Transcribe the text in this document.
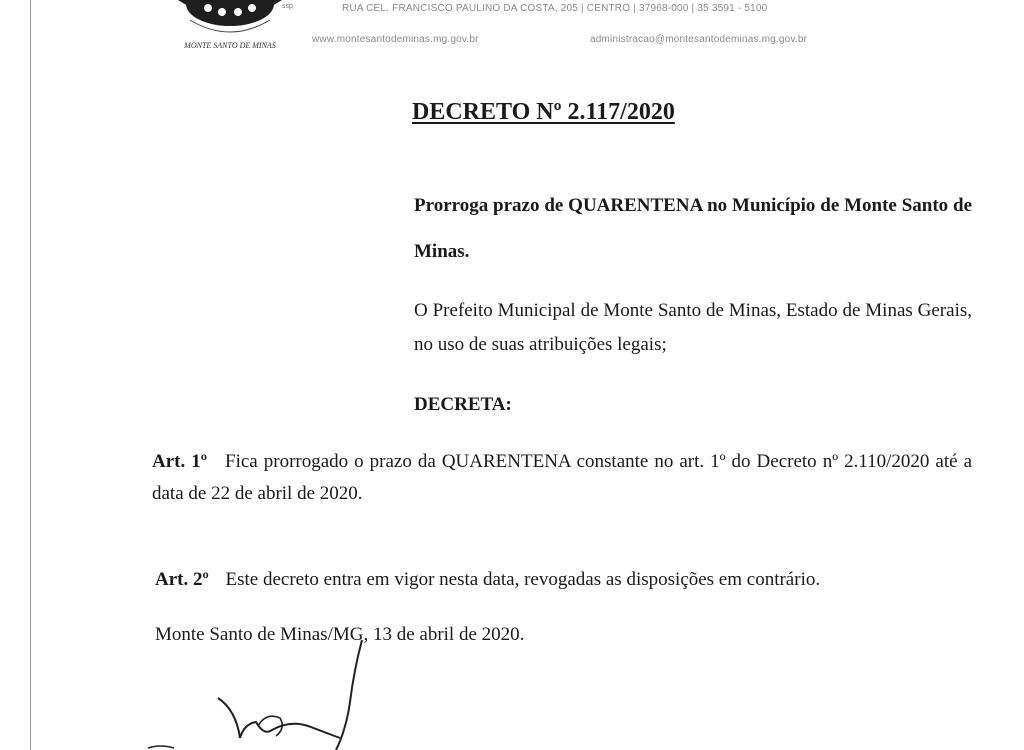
MONTE SANTO DE MINAS
ssp	RUA CEL. FRANCISCO PAULINO DA COSTA, 205 | CENTRO | 37968-000 | 35 3591 - 5100
www.montesantodeminas.mg.gov.br	administracao@montesantodeminas.mg.gov.br
DECRETO Nº 2.117/2020
Prorroga prazo de QUARENTENA no Município de Monte Santo de Minas.
O Prefeito Municipal de Monte Santo de Minas, Estado de Minas Gerais, no uso de suas atribuições legais;
DECRETA:
Art. 1º Fica prorrogado o prazo da QUARENTENA constante no art. 1º do Decreto nº 2.110/2020 até a data de 22 de abril de 2020.
Art. 2º Este decreto entra em vigor nesta data, revogadas as disposições em contrário.
Monte Santo de Minas/MG, 13 de abril de 2020.
